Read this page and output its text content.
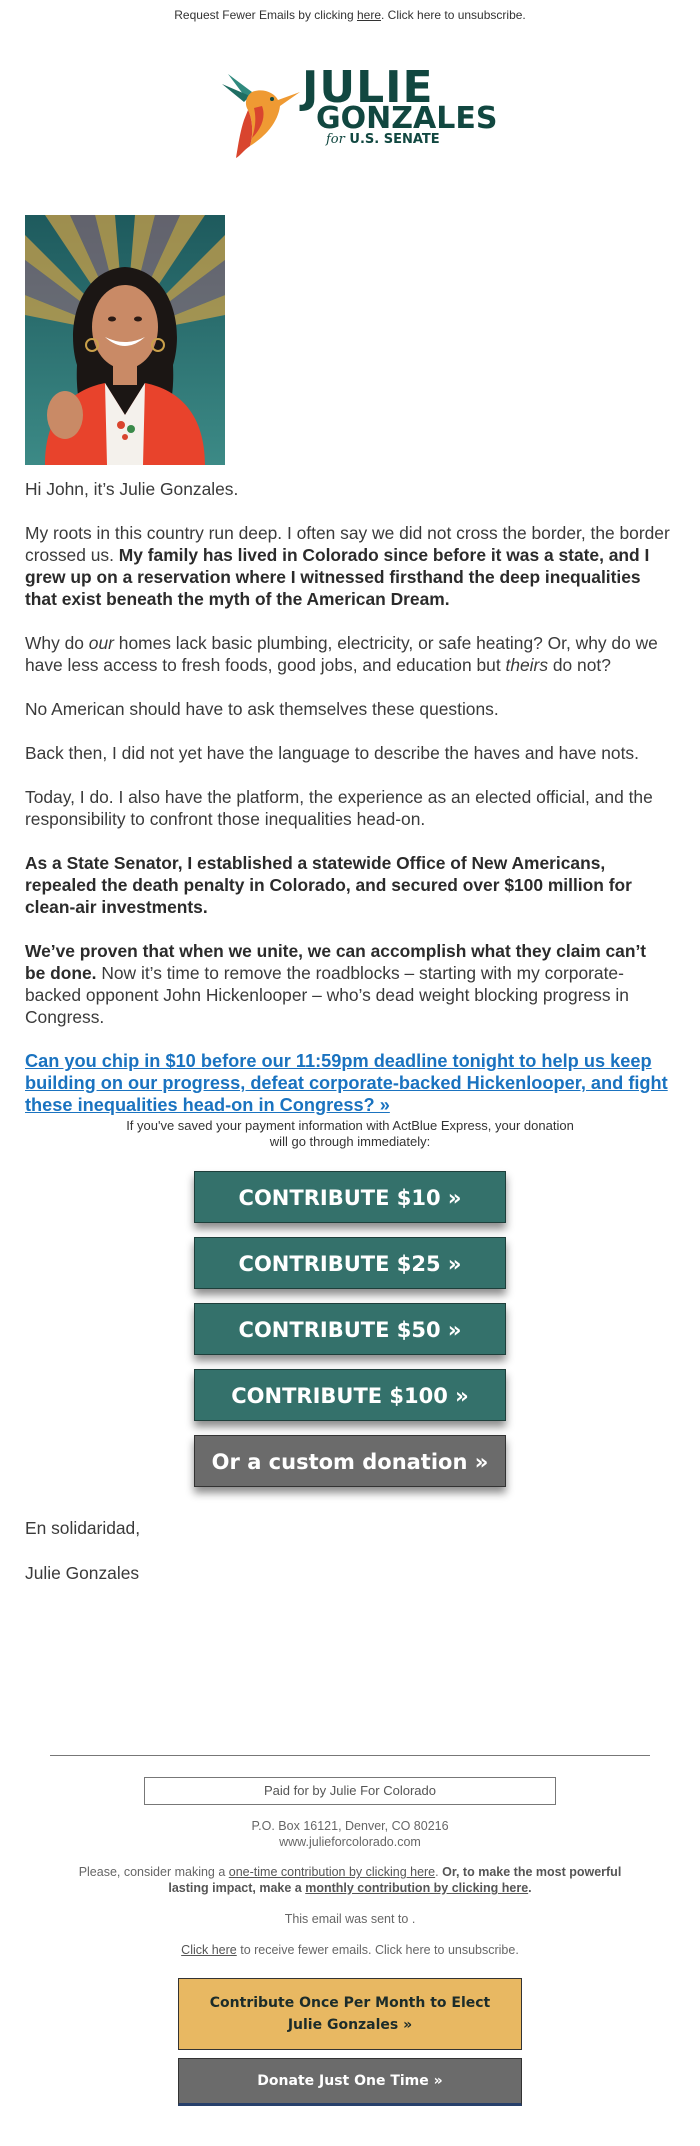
Request Fewer Emails by clicking here. Click here to unsubscribe.
JULIE
GONZALES
for U.S. SENATE

Hi John, it’s Julie Gonzales.

My roots in this country run deep. I often say we did not cross the border, the border crossed us. My family has lived in Colorado since before it was a state, and I grew up on a reservation where I witnessed firsthand the deep inequalities that exist beneath the myth of the American Dream.

Why do our homes lack basic plumbing, electricity, or safe heating? Or, why do we have less access to fresh foods, good jobs, and education but theirs do not?

No American should have to ask themselves these questions.

Back then, I did not yet have the language to describe the haves and have nots.

Today, I do. I also have the platform, the experience as an elected official, and the responsibility to confront those inequalities head-on.

As a State Senator, I established a statewide Office of New Americans, repealed the death penalty in Colorado, and secured over $100 million for clean-air investments.

We’ve proven that when we unite, we can accomplish what they claim can’t be done. Now it’s time to remove the roadblocks – starting with my corporate-backed opponent John Hickenlooper – who’s dead weight blocking progress in Congress.

Can you chip in $10 before our 11:59pm deadline tonight to help us keep building on our progress, defeat corporate-backed Hickenlooper, and fight these inequalities head-on in Congress? »

If you've saved your payment information with ActBlue Express, your donation
will go through immediately:
CONTRIBUTE $10 »
CONTRIBUTE $25 »
CONTRIBUTE $50 »
CONTRIBUTE $100 »
Or a custom donation »
En solidaridad,
Julie Gonzales
Paid for by Julie For Colorado
P.O. Box 16121, Denver, CO 80216
www.julieforcolorado.com
Please, consider making a one-time contribution by clicking here. Or, to make the most powerful lasting impact, make a monthly contribution by clicking here.
This email was sent to .
Click here to receive fewer emails. Click here to unsubscribe.
Contribute Once Per Month to Elect
Julie Gonzales »
Donate Just One Time »
